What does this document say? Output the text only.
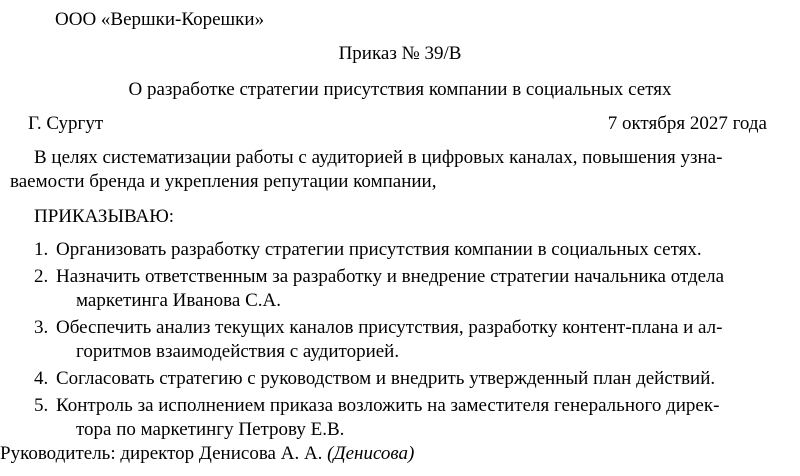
ООО «Вершки-Корешки»
Приказ № 39/В
О разработке стратегии присутствия компании в социальных сетях
Г. Сургут	7 октября 2027 года
В целях систематизации работы с аудиторией в цифровых каналах, повышения узна-
ваемости бренда и укрепления репутации компании,
ПРИКАЗЫВАЮ:
1. Организовать разработку стратегии присутствия компании в социальных сетях.
2. Назначить ответственным за разработку и внедрение стратегии начальника отдела
маркетинга Иванова С.А.
3. Обеспечить анализ текущих каналов присутствия, разработку контент-плана и ал-
горитмов взаимодействия с аудиторией.
4. Согласовать стратегию с руководством и внедрить утвержденный план действий.
5. Контроль за исполнением приказа возложить на заместителя генерального дирек-
тора по маркетингу Петрову Е.В.
Руководитель: директор Денисова А. А. (Денисова)
